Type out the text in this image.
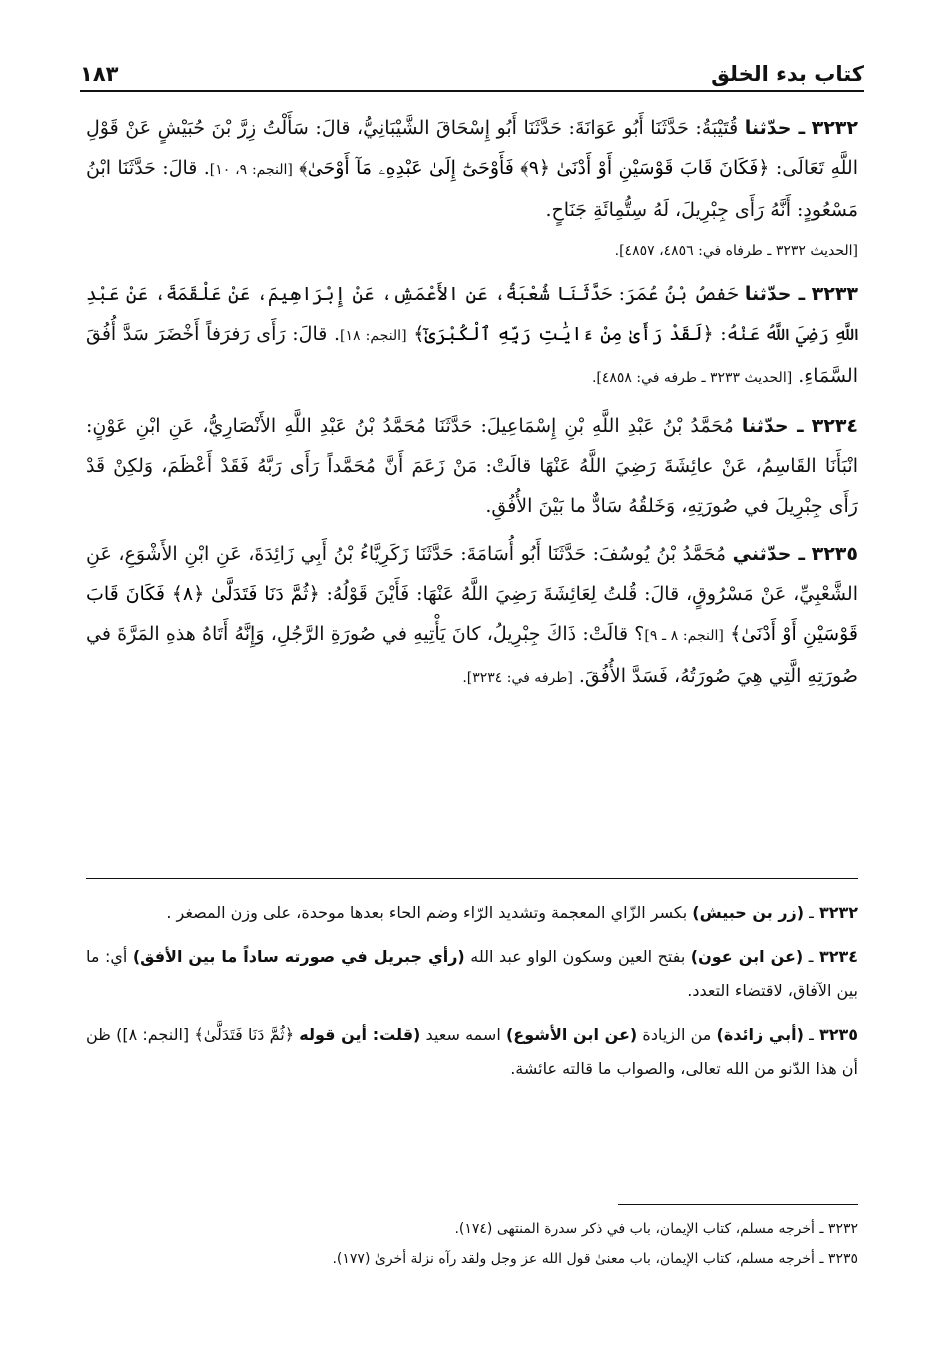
كتاب بدء الخلق
١٨٣

٣٢٣٢ ـ حدّثنا قُتَيْبَةُ: حَدَّثَنَا أَبُو عَوَانَةَ: حَدَّثَنَا أَبُو إِسْحَاقَ الشَّيْبَانِيُّ، قالَ: سَأَلْتُ زِرَّ بْنَ حُبَيْشٍ عَنْ قَوْلِ اللَّهِ تَعَالَى: ﴿فَكَانَ قَابَ قَوْسَيْنِ أَوْ أَدْنَىٰ ﴿٩﴾ فَأَوْحَىٰٓ إِلَىٰ عَبْدِهِۦ مَآ أَوْحَىٰ﴾ [النجم: ٩، ١٠]. قالَ: حَدَّثَنَا ابْنُ مَسْعُودٍ: أَنَّهُ رَأَى جِبْرِيلَ، لَهُ سِتُّمِائَةِ جَنَاحٍ.

[الحديث ٣٢٣٢ ـ طرفاه في: ٤٨٥٦، ٤٨٥٧].

٣٢٣٣ ـ حدّثنا حَفصُ بْنُ عُمَرَ: حَدَّثَنَا شُعْبَةُ، عَنِ الأَعْمَشِ، عَنْ إِبْرَاهِيمَ، عَنْ عَلْقَمَةَ، عَنْ عَبْدِ اللَّهِ رَضِيَ اللَّهُ عَنْهُ: ﴿لَقَدْ رَأَىٰ مِنْ ءَايَٰتِ رَبِّهِ ٱلْكُبْرَىٰٓ﴾ [النجم: ١٨]. قالَ: رَأَى رَفرَفاً أَخْضَرَ سَدَّ أُفُقَ السَّمَاءِ. [الحديث ٣٢٣٣ ـ طرفه في: ٤٨٥٨].

٣٢٣٤ ـ حدّثنا مُحَمَّدُ بْنُ عَبْدِ اللَّهِ بْنِ إِسْمَاعِيلَ: حَدَّثَنَا مُحَمَّدُ بْنُ عَبْدِ اللَّهِ الأَنْصَارِيُّ، عَنِ ابْنِ عَوْنٍ: انْبَأَنَا القَاسِمُ، عَنْ عائِشَةَ رَضِيَ اللَّهُ عَنْهَا قالَتْ: مَنْ زَعَمَ أَنَّ مُحَمَّداً رَأَى رَبَّهُ فَقَدْ أَعْظَمَ، وَلكِنْ قَدْ رَأَى جِبْرِيلَ في صُورَتِهِ، وَخَلقُهُ سَادٌّ ما بَيْنَ الأُفُقِ.

٣٢٣٥ ـ حدّثني مُحَمَّدُ بْنُ يُوسُفَ: حَدَّثَنَا أَبُو أُسَامَةَ: حَدَّثَنَا زَكَرِيَّاءُ بْنُ أَبِي زَائِدَةَ، عَنِ ابْنِ الأَشْوَعِ، عَنِ الشَّعْبِيِّ، عَنْ مَسْرُوقٍ، قالَ: قُلتُ لِعَائِشَةَ رَضِيَ اللَّهُ عَنْهَا: فَأَيْنَ قَوْلُهُ: ﴿ثُمَّ دَنَا فَتَدَلَّىٰ ﴿٨﴾ فَكَانَ قَابَ قَوْسَيْنِ أَوْ أَدْنَىٰ﴾ [النجم: ٨ ـ ٩]؟ قالَتْ: ذَاكَ جِبْرِيلُ، كانَ يَأْتِيهِ في صُورَةِ الرَّجُلِ، وَإِنَّهُ أَتَاهُ هذهِ المَرَّةَ في صُورَتِهِ الَّتِي هِيَ صُورَتُهُ، فَسَدَّ الأُفُقَ. [طرفه في: ٣٢٣٤].

٣٢٣٢ ـ (زر بن حبيش) بكسر الزّاي المعجمة وتشديد الرّاء وضم الحاء بعدها موحدة، على وزن المصغر .

٣٢٣٤ ـ (عن ابن عون) بفتح العين وسكون الواو عبد الله (رأي جبريل في صورته ساداً ما بين الأفق) أي: ما بين الآفاق، لاقتضاء التعدد.

٣٢٣٥ ـ (أبي زائدة) من الزيادة (عن ابن الأشوع) اسمه سعيد (قلت: أين قوله ﴿ثُمَّ دَنَا فَتَدَلَّىٰ﴾ [النجم: ٨]) ظن أن هذا الدّنو من الله تعالى، والصواب ما قالته عائشة.

٣٢٣٢ ـ أخرجه مسلم، كتاب الإيمان، باب في ذكر سدرة المنتهى (١٧٤).
٣٢٣٥ ـ أخرجه مسلم، كتاب الإيمان، باب معنىٰ قول الله عز وجل ولقد رآه نزلة أخرىٰ (١٧٧).
